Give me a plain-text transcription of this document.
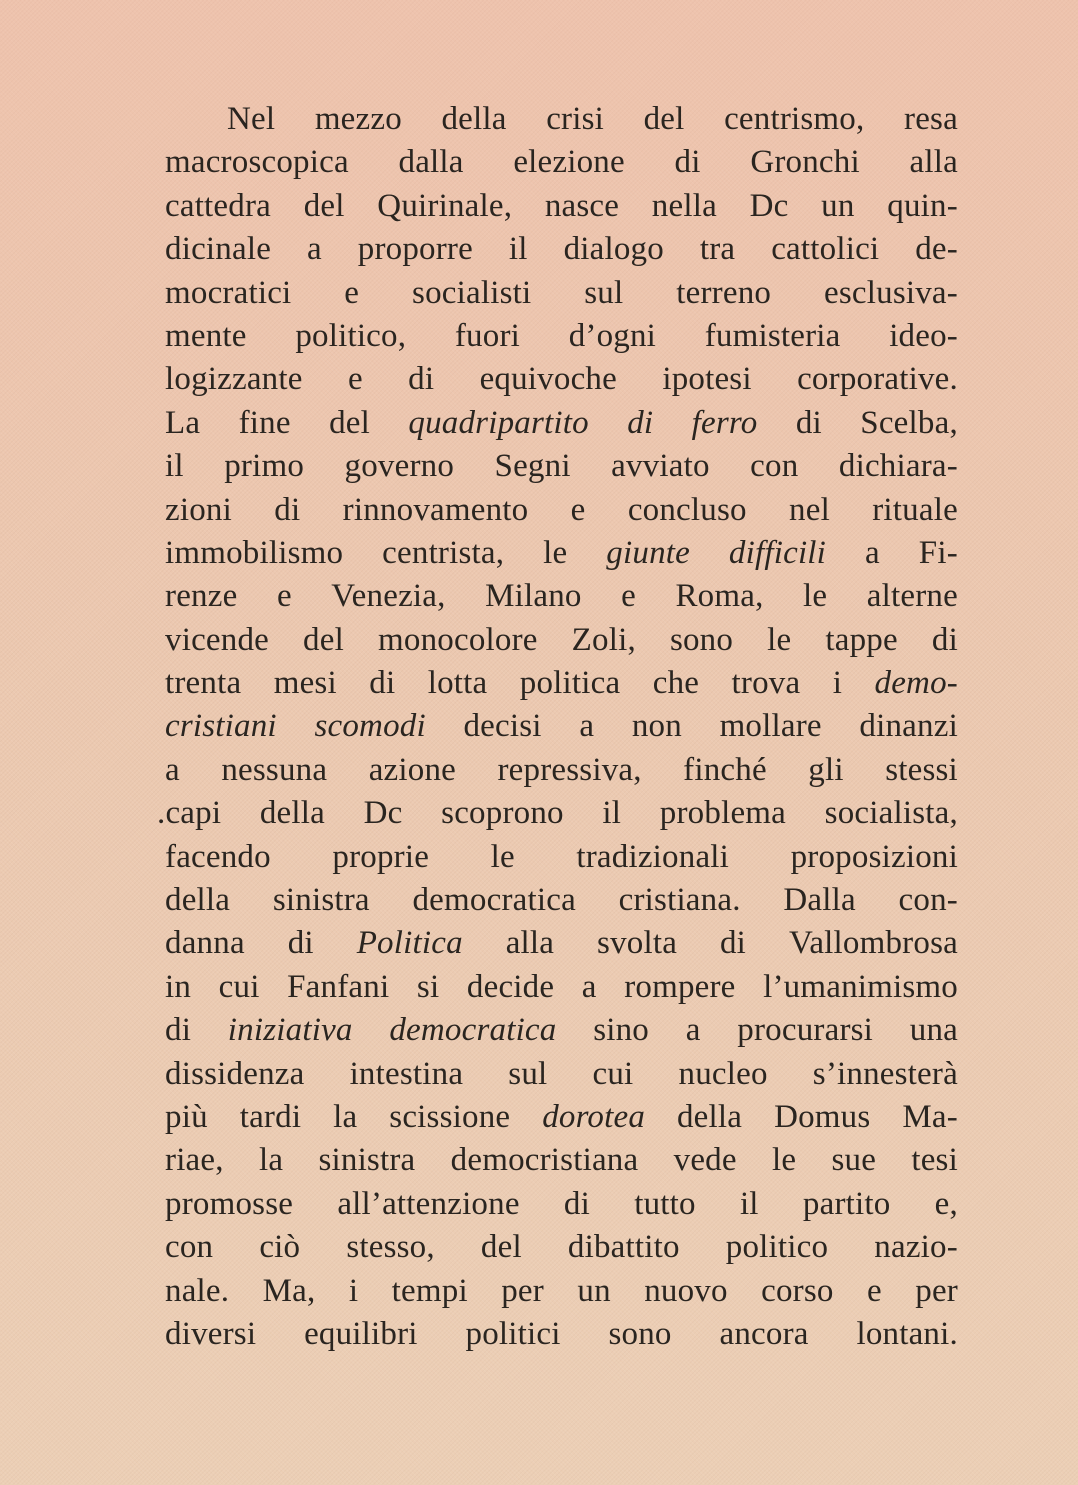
Nel mezzo della crisi del centrismo, resa
macroscopica dalla elezione di Gronchi alla
cattedra del Quirinale, nasce nella Dc un quin-
dicinale a proporre il dialogo tra cattolici de-
mocratici e socialisti sul terreno esclusiva-
mente politico, fuori d’ogni fumisteria ideo-
logizzante e di equivoche ipotesi corporative.
La fine del quadripartito di ferro di Scelba,
il primo governo Segni avviato con dichiara-
zioni di rinnovamento e concluso nel rituale
immobilismo centrista, le giunte difficili a Fi-
renze e Venezia, Milano e Roma, le alterne
vicende del monocolore Zoli, sono le tappe di
trenta mesi di lotta politica che trova i demo-
cristiani scomodi decisi a non mollare dinanzi
a nessuna azione repressiva, finché gli stessi
.capi della Dc scoprono il problema socialista,
facendo proprie le tradizionali proposizioni
della sinistra democratica cristiana. Dalla con-
danna di Politica alla svolta di Vallombrosa
in cui Fanfani si decide a rompere l’umanimismo
di iniziativa democratica sino a procurarsi una
dissidenza intestina sul cui nucleo s’innesterà
più tardi la scissione dorotea della Domus Ma-
riae, la sinistra democristiana vede le sue tesi
promosse all’attenzione di tutto il partito e,
con ciò stesso, del dibattito politico nazio-
nale. Ma, i tempi per un nuovo corso e per
diversi equilibri politici sono ancora lontani.
